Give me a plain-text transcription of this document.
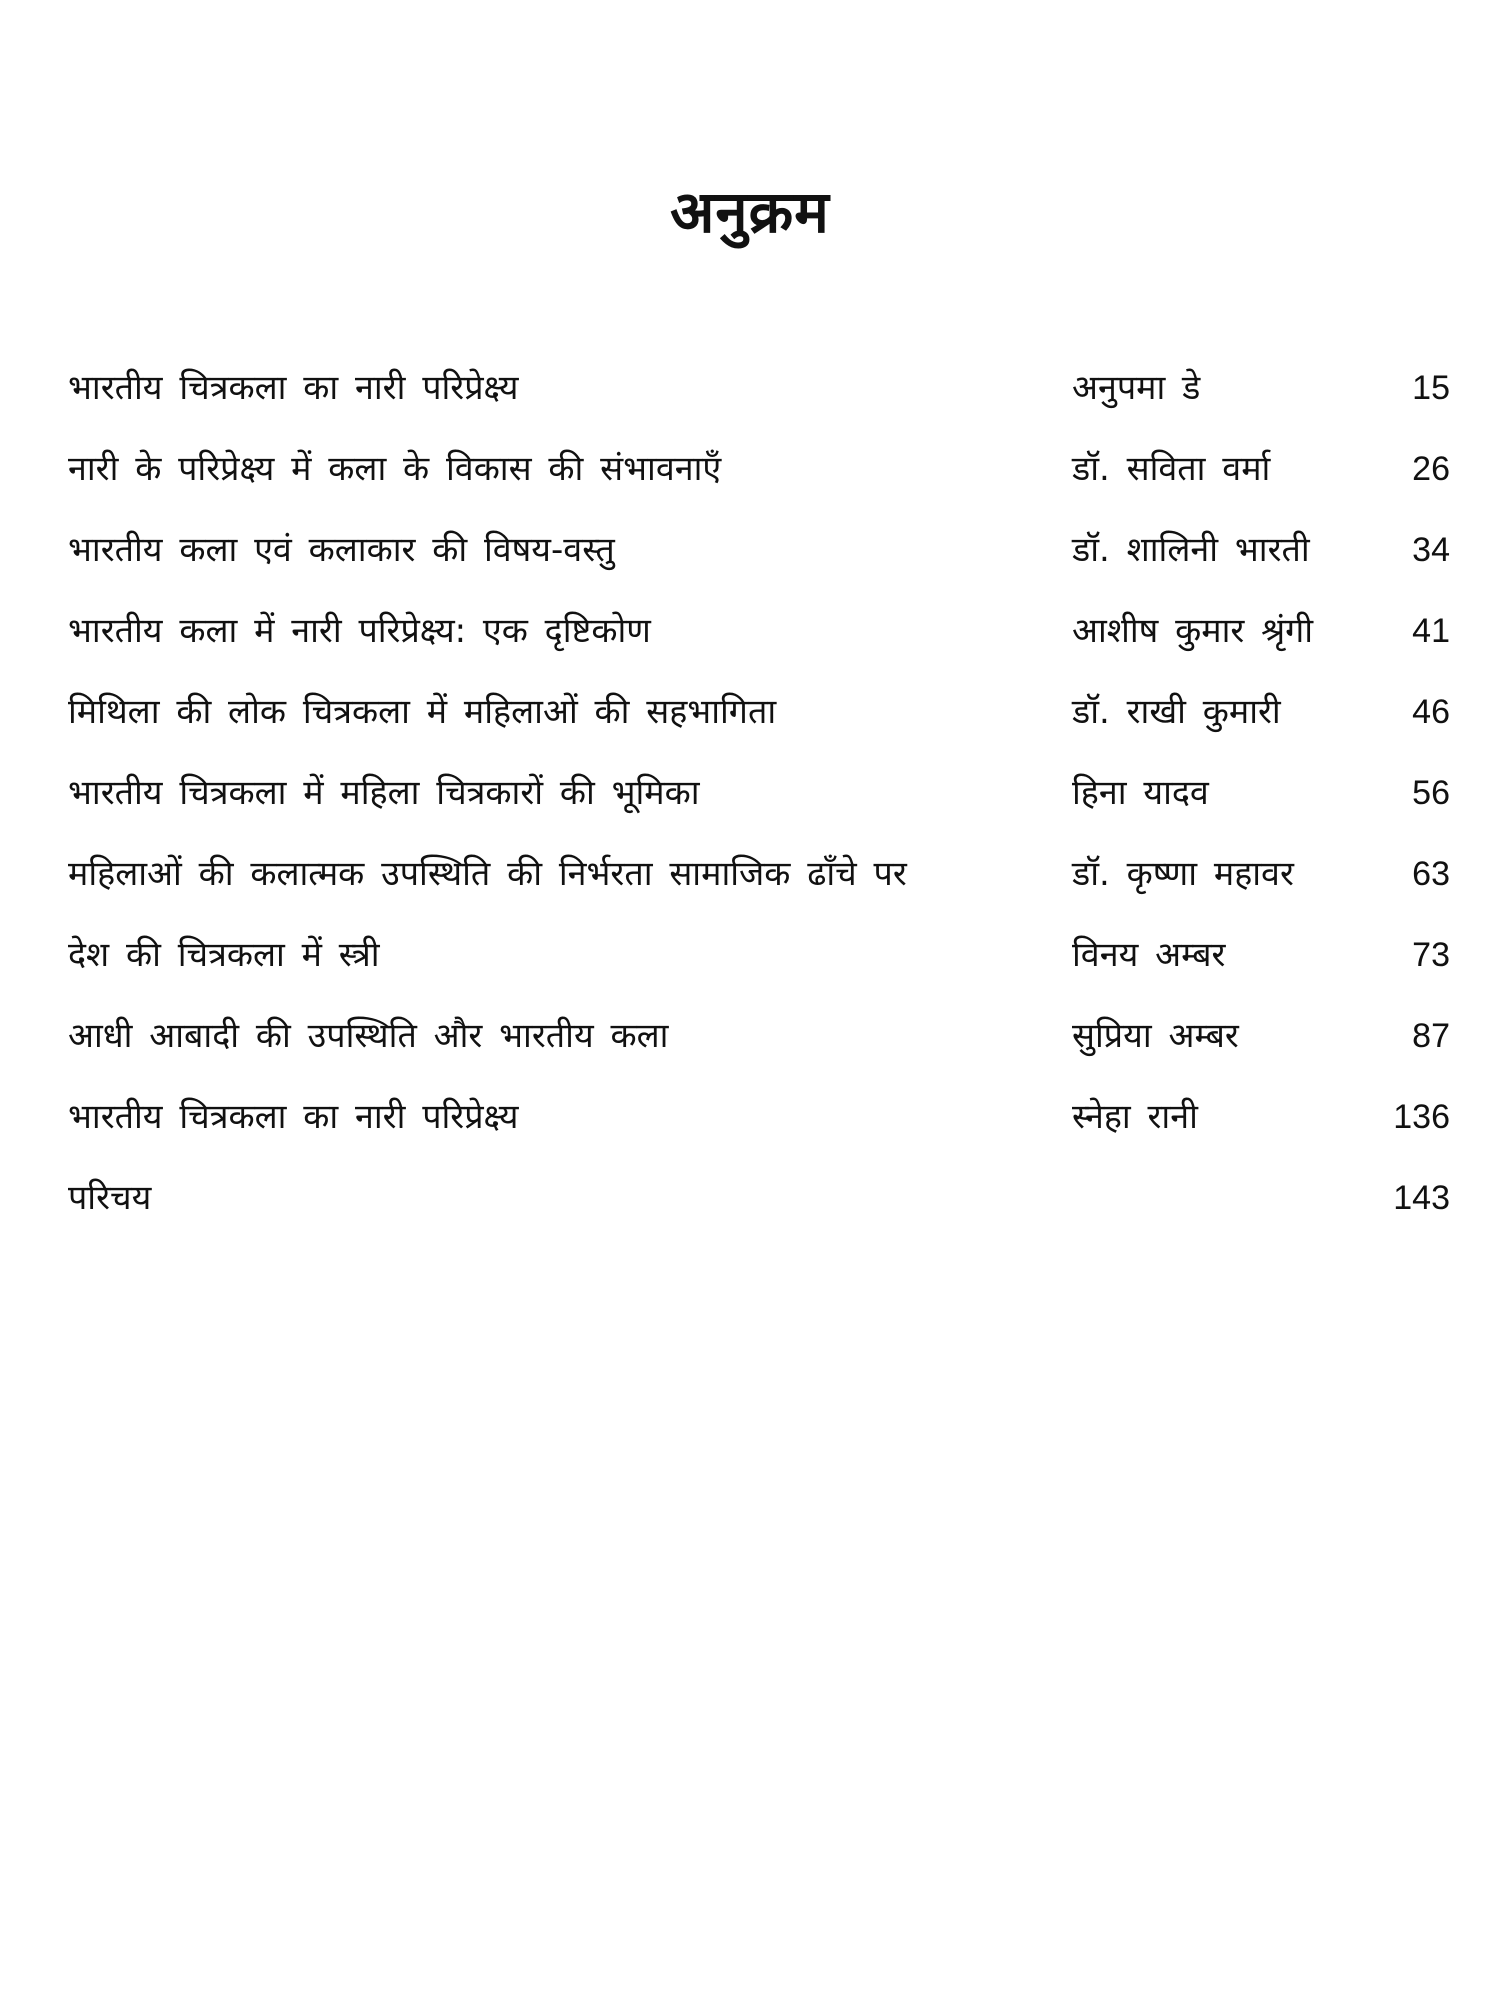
अनुक्रम
भारतीय चित्रकला का नारी परिप्रेक्ष्य	अनुपमा डे	15
नारी के परिप्रेक्ष्य में कला के विकास की संभावनाएँ	डॉ. सविता वर्मा	26
भारतीय कला एवं कलाकार की विषय-वस्तु	डॉ. शालिनी भारती	34
भारतीय कला में नारी परिप्रेक्ष्य: एक दृष्टिकोण	आशीष कुमार श्रृंगी	41
मिथिला की लोक चित्रकला में महिलाओं की सहभागिता	डॉ. राखी कुमारी	46
भारतीय चित्रकला में महिला चित्रकारों की भूमिका	हिना यादव	56
महिलाओं की कलात्मक उपस्थिति की निर्भरता सामाजिक ढाँचे पर	डॉ. कृष्णा महावर	63
देश की चित्रकला में स्त्री	विनय अम्बर	73
आधी आबादी की उपस्थिति और भारतीय कला	सुप्रिया अम्बर	87
भारतीय चित्रकला का नारी परिप्रेक्ष्य	स्नेहा रानी	136
परिचय	143
